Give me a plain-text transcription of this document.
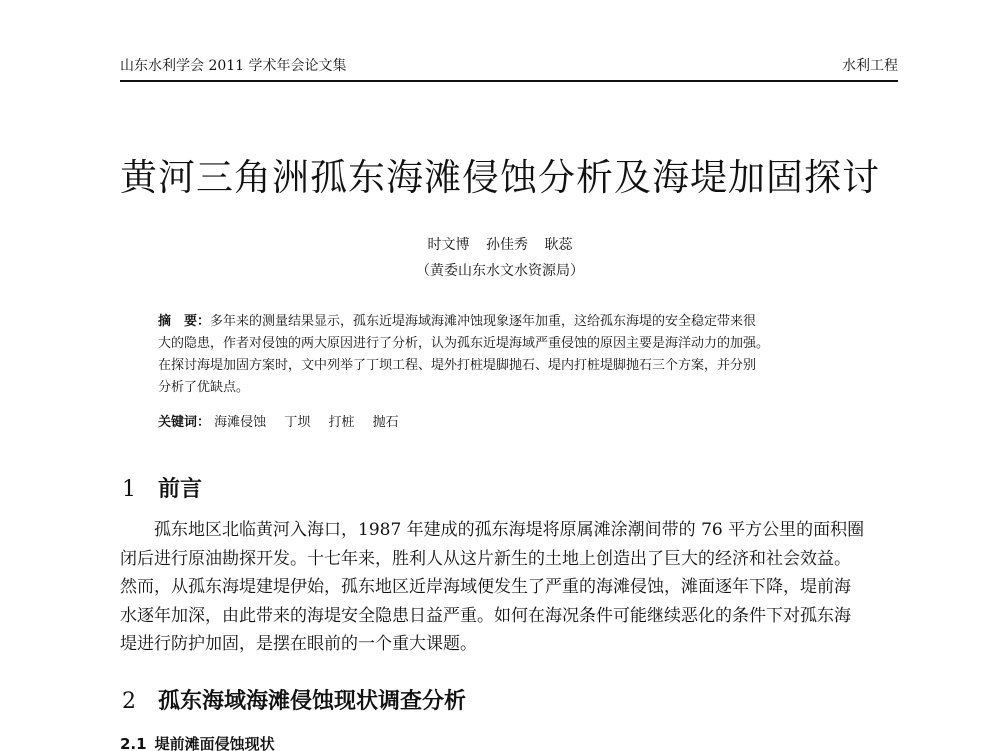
山东水利学会 2011 学术年会论文集	水利工程
黄河三角洲孤东海滩侵蚀分析及海堤加固探讨
时文博 孙佳秀 耿蕊
（黄委山东水文水资源局）
摘　要：多年来的测量结果显示，孤东近堤海域海滩冲蚀现象逐年加重，这给孤东海堤的安全稳定带来很
大的隐患，作者对侵蚀的两大原因进行了分析，认为孤东近堤海域严重侵蚀的原因主要是海洋动力的加强。
在探讨海堤加固方案时，文中列举了丁坝工程、堤外打桩堤脚抛石、堤内打桩堤脚抛石三个方案，并分别
分析了优缺点。
关键词： 海滩侵蚀 丁坝 打桩 抛石
1 前言
　　孤东地区北临黄河入海口，1987 年建成的孤东海堤将原属滩涂潮间带的 76 平方公里的面积圈
闭后进行原油勘探开发。十七年来，胜利人从这片新生的土地上创造出了巨大的经济和社会效益。
然而，从孤东海堤建堤伊始，孤东地区近岸海域便发生了严重的海滩侵蚀，滩面逐年下降，堤前海
水逐年加深，由此带来的海堤安全隐患日益严重。如何在海况条件可能继续恶化的条件下对孤东海
堤进行防护加固，是摆在眼前的一个重大课题。
2 孤东海域海滩侵蚀现状调查分析
2.1 堤前滩面侵蚀现状
